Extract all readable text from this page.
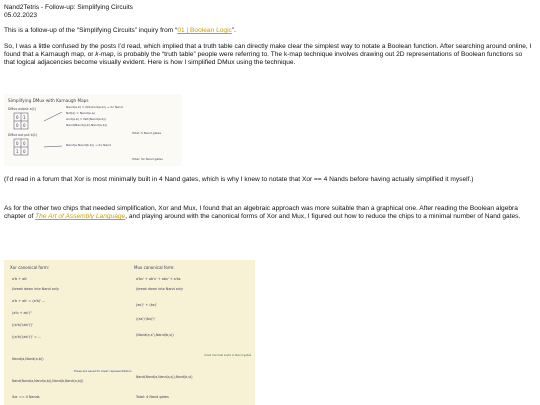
Nand2Tetris - Follow-up: Simplifying Circuits
05.02.2023

This is a follow-up of the “Simplifying Circuits” inquiry from “01 | Boolean Logic”.

So, I was a little confused by the posts I’d read, which implied that a truth table can directly make clear the simplest way to notate a Boolean function. After searching around online, I found that a Karnaugh map, or k-map, is probably the “truth table” people were referring to. The k-map technique involves drawing out 2D representations of Boolean functions so that logical adjacencies become visually evident. Here is how I simplified DMux using the technique.

Simplifying DMux with Karnaugh Maps
DMux output a(1)
0 1
0 0
DMux out put b(1)
0 0
1 0
Nand(a,b) = Not(And(a,b)) → 2x Nand
Not(a) = Nand(a,a)
And(a,b) = Not(Nand(a,b))
Nand(Nand(a,b),Nand(a,b))
Total: 5 Nand gates
Nand(a,Nand(b,b)) → 2x Nand
Total: 5x Nand gates

(I’d read in a forum that Xor is most minimally built in 4 Nand gates, which is why I knew to notate that Xor == 4 Nands before having actually simplified it myself.)

As for the other two chips that needed simplification, Xor and Mux, I found that an algebraic approach was more suitable than a graphical one. After reading the Boolean algebra chapter of The Art of Assembly Language, and playing around with the canonical forms of Xor and Mux, I figured out how to reduce the chips to a minimal number of Nand gates.

Xor canonical form:
a'b + ab'
(break down into Nand only
a'b + ab' = (a'b)' ...
(a'b + ab')''
((a'b)'(ab')')'
((a'b)'(ab')')' = ...
Nand(a,Nand(a,b))
Nand(Nand(a,Nand(a,b)),Nand(b,Nand(a,b)))
Xor == 4 Nands
these are saved to lower representations
Mux canonical form:
a'bs' + ab's' + abs' + a'bs
(break down into Nand only
(as')' + (bs)'
((as')'(bs)')'
(Nand(a,s'),Nand(b,s))
Nand(Nand(a,Nand(s,s)),Nand(b,s))
Total: 4 Nand gates
most minimal build in Nand gates
